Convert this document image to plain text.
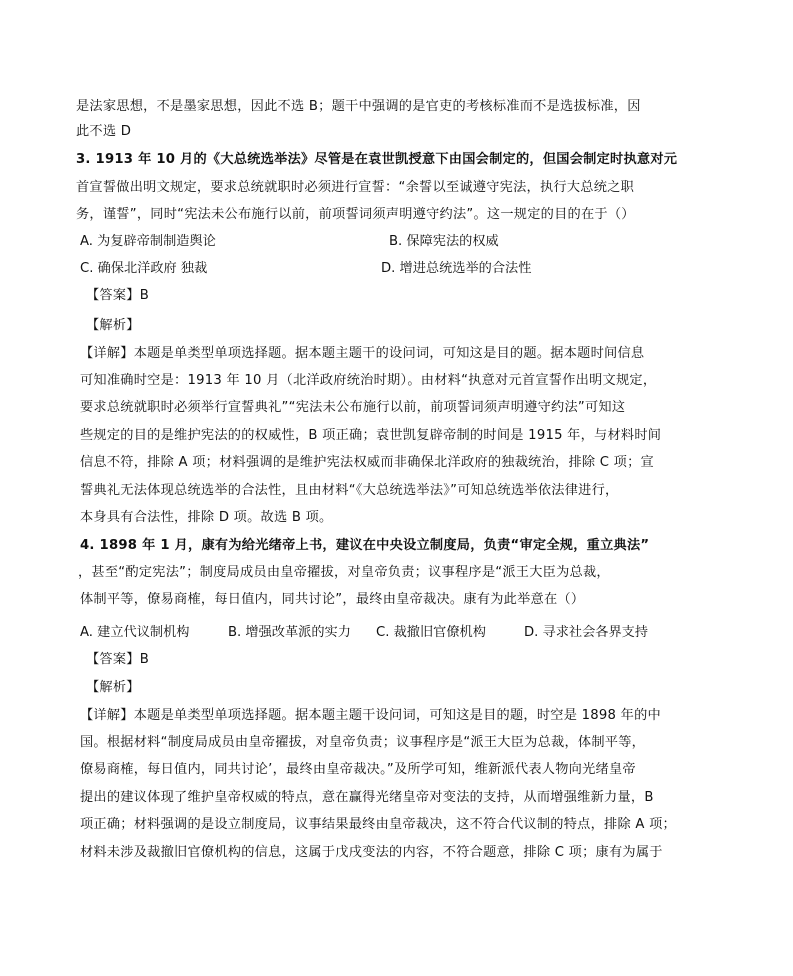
是法家思想，不是墨家思想，因此不选 B；题干中强调的是官吏的考核标准而不是选拔标准，因
此不选 D
3. 1913 年 10 月的《大总统选举法》尽管是在袁世凯授意下由国会制定的，但国会制定时执意对元
首宣誓做出明文规定，要求总统就职时必须进行宣誓：“余誓以至诚遵守宪法，执行大总统之职
务，谨誓”，同时“宪法未公布施行以前，前项誓词须声明遵守约法”。这一规定的目的在于（）
A. 为复辟帝制制造舆论	B. 保障宪法的权威
C. 确保北洋政府 独裁	D. 增进总统选举的合法性
【答案】B
【解析】
【详解】本题是单类型单项选择题。据本题主题干的设问词，可知这是目的题。据本题时间信息
可知准确时空是：1913 年 10 月（北洋政府统治时期）。由材料“执意对元首宣誓作出明文规定，
要求总统就职时必须举行宣誓典礼”“宪法未公布施行以前，前项誓词须声明遵守约法”可知这
些规定的目的是维护宪法的的权威性，B 项正确；袁世凯复辟帝制的时间是 1915 年，与材料时间
信息不符，排除 A 项；材料强调的是维护宪法权威而非确保北洋政府的独裁统治，排除 C 项；宣
誓典礼无法体现总统选举的合法性，且由材料“《大总统选举法》”可知总统选举依法律进行，
本身具有合法性，排除 D 项。故选 B 项。
4. 1898 年 1 月，康有为给光绪帝上书，建议在中央设立制度局，负责“审定全规，重立典法”
，甚至“酌定宪法”；制度局成员由皇帝擢拔，对皇帝负责；议事程序是“派王大臣为总裁，
体制平等，僚易商榷，每日值内，同共讨论”，最终由皇帝裁决。康有为此举意在（）
A. 建立代议制机构	B. 增强改革派的实力 C. 裁撤旧官僚机构	D. 寻求社会各界支持
【答案】B
【解析】
【详解】本题是单类型单项选择题。据本题主题干设问词，可知这是目的题，时空是 1898 年的中
国。根据材料“制度局成员由皇帝擢拔，对皇帝负责；议事程序是“派王大臣为总裁，体制平等，
僚易商榷，每日值内，同共讨论’，最终由皇帝裁决。”及所学可知，维新派代表人物向光绪皇帝
提出的建议体现了维护皇帝权威的特点，意在赢得光绪皇帝对变法的支持，从而增强维新力量，B
项正确；材料强调的是设立制度局，议事结果最终由皇帝裁决，这不符合代议制的特点，排除 A 项；
材料未涉及裁撤旧官僚机构的信息，这属于戊戌变法的内容，不符合题意，排除 C 项；康有为属于
